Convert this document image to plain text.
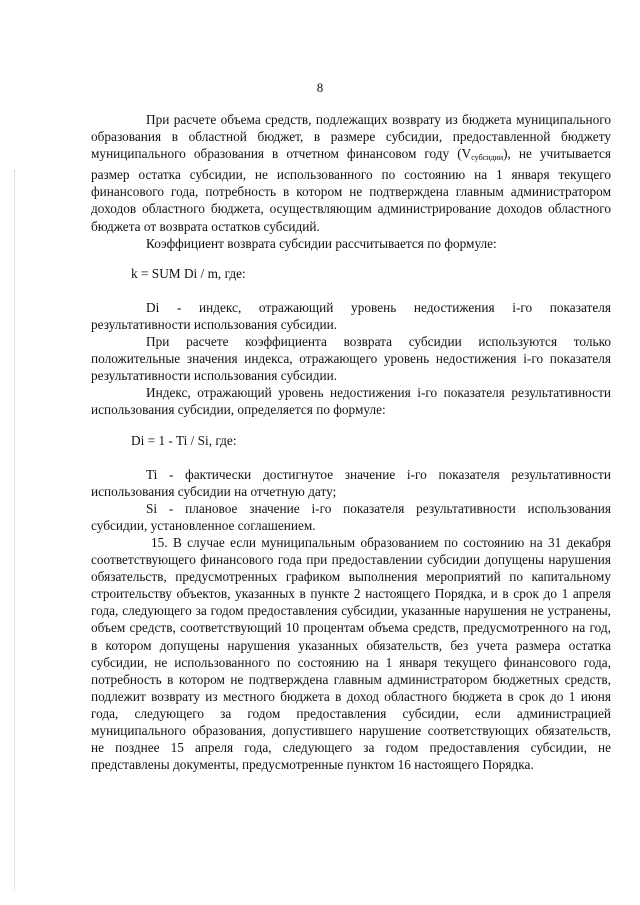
8

При расчете объема средств, подлежащих возврату из бюджета муниципального образования в областной бюджет, в размере субсидии, предоставленной бюджету муниципального образования в отчетном финансовом году $(V_{субсидии})$, не учитывается размер остатка субсидии, не использованного по состоянию на 1 января текущего финансового года, потребность в котором не подтверждена главным администратором доходов областного бюджета, осуществляющим администрирование доходов областного бюджета от возврата остатков субсидий.

Коэффициент возврата субсидии рассчитывается по формуле:

k = SUM Di / m, где:

Di - индекс, отражающий уровень недостижения i-го показателя результативности использования субсидии.

При расчете коэффициента возврата субсидии используются только положительные значения индекса, отражающего уровень недостижения i-го показателя результативности использования субсидии.

Индекс, отражающий уровень недостижения i-го показателя результативности использования субсидии, определяется по формуле:

Di = 1 - Ti / Si, где:

Ti - фактически достигнутое значение i-го показателя результативности использования субсидии на отчетную дату;

Si - плановое значение i-го показателя результативности использования субсидии, установленное соглашением.

15. В случае если муниципальным образованием по состоянию на 31 декабря соответствующего финансового года при предоставлении субсидии допущены нарушения обязательств, предусмотренных графиком выполнения мероприятий по капитальному строительству объектов, указанных в пункте 2 настоящего Порядка, и в срок до 1 апреля года, следующего за годом предоставления субсидии, указанные нарушения не устранены, объем средств, соответствующий 10 процентам объема средств, предусмотренного на год, в котором допущены нарушения указанных обязательств, без учета размера остатка субсидии, не использованного по состоянию на 1 января текущего финансового года, потребность в котором не подтверждена главным администратором бюджетных средств, подлежит возврату из местного бюджета в доход областного бюджета в срок до 1 июня года, следующего за годом предоставления субсидии, если администрацией муниципального образования, допустившего нарушение соответствующих обязательств, не позднее 15 апреля года, следующего за годом предоставления субсидии, не представлены документы, предусмотренные пунктом 16 настоящего Порядка.
